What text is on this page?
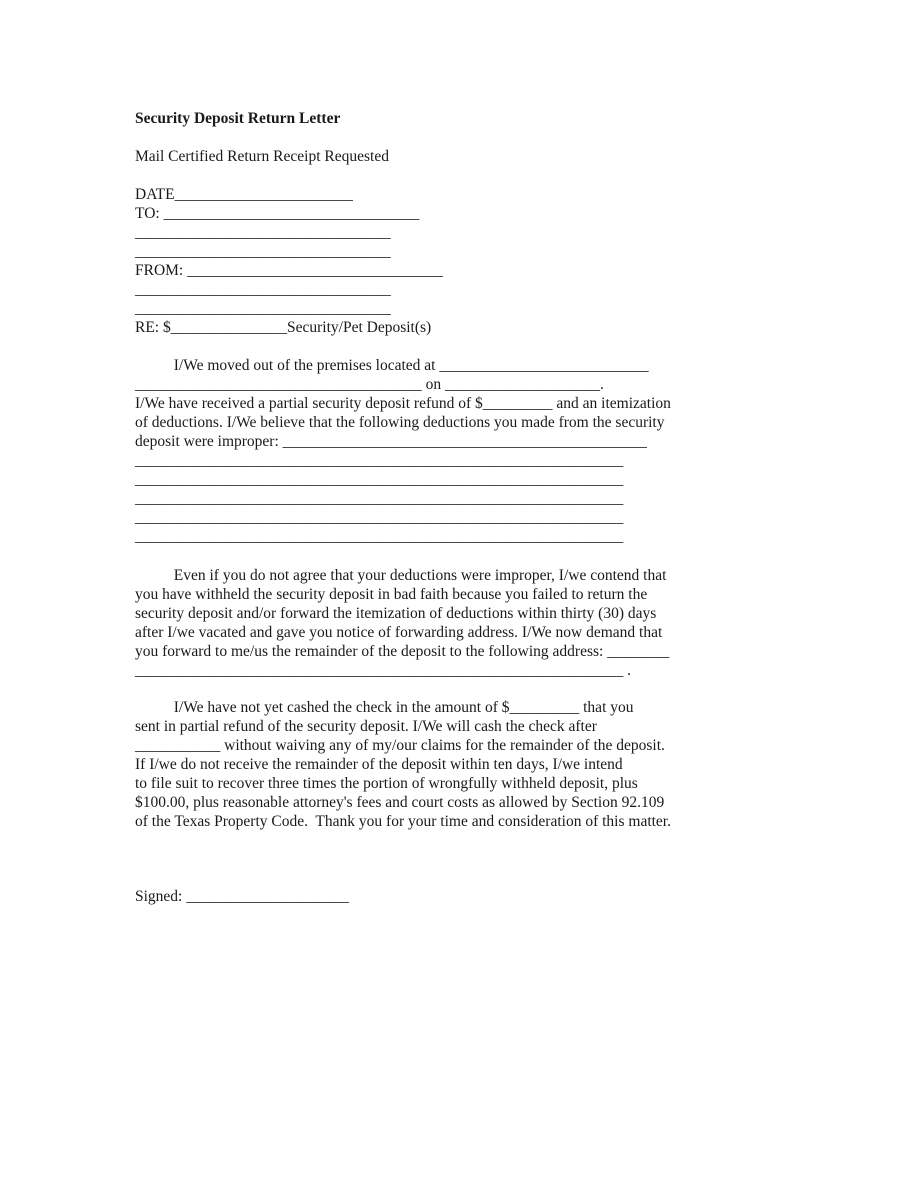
Security Deposit Return Letter
Mail Certified Return Receipt Requested
DATE_______________________
TO: _________________________________
_________________________________
_________________________________
FROM: _________________________________
_________________________________
_________________________________
RE: $_______________Security/Pet Deposit(s)
I/We moved out of the premises located at ___________________________
_____________________________________ on ____________________.
I/We have received a partial security deposit refund of $_________ and an itemization
of deductions. I/We believe that the following deductions you made from the security
deposit were improper: _______________________________________________
_______________________________________________________________
_______________________________________________________________
_______________________________________________________________
_______________________________________________________________
_______________________________________________________________
Even if you do not agree that your deductions were improper, I/we contend that
you have withheld the security deposit in bad faith because you failed to return the
security deposit and/or forward the itemization of deductions within thirty (30) days
after I/we vacated and gave you notice of forwarding address. I/We now demand that
you forward to me/us the remainder of the deposit to the following address: ________
_______________________________________________________________ .
I/We have not yet cashed the check in the amount of $_________ that you
sent in partial refund of the security deposit. I/We will cash the check after
___________ without waiving any of my/our claims for the remainder of the deposit.
If I/we do not receive the remainder of the deposit within ten days, I/we intend
to file suit to recover three times the portion of wrongfully withheld deposit, plus
$100.00, plus reasonable attorney's fees and court costs as allowed by Section 92.109
of the Texas Property Code.  Thank you for your time and consideration of this matter.
Signed: _____________________
